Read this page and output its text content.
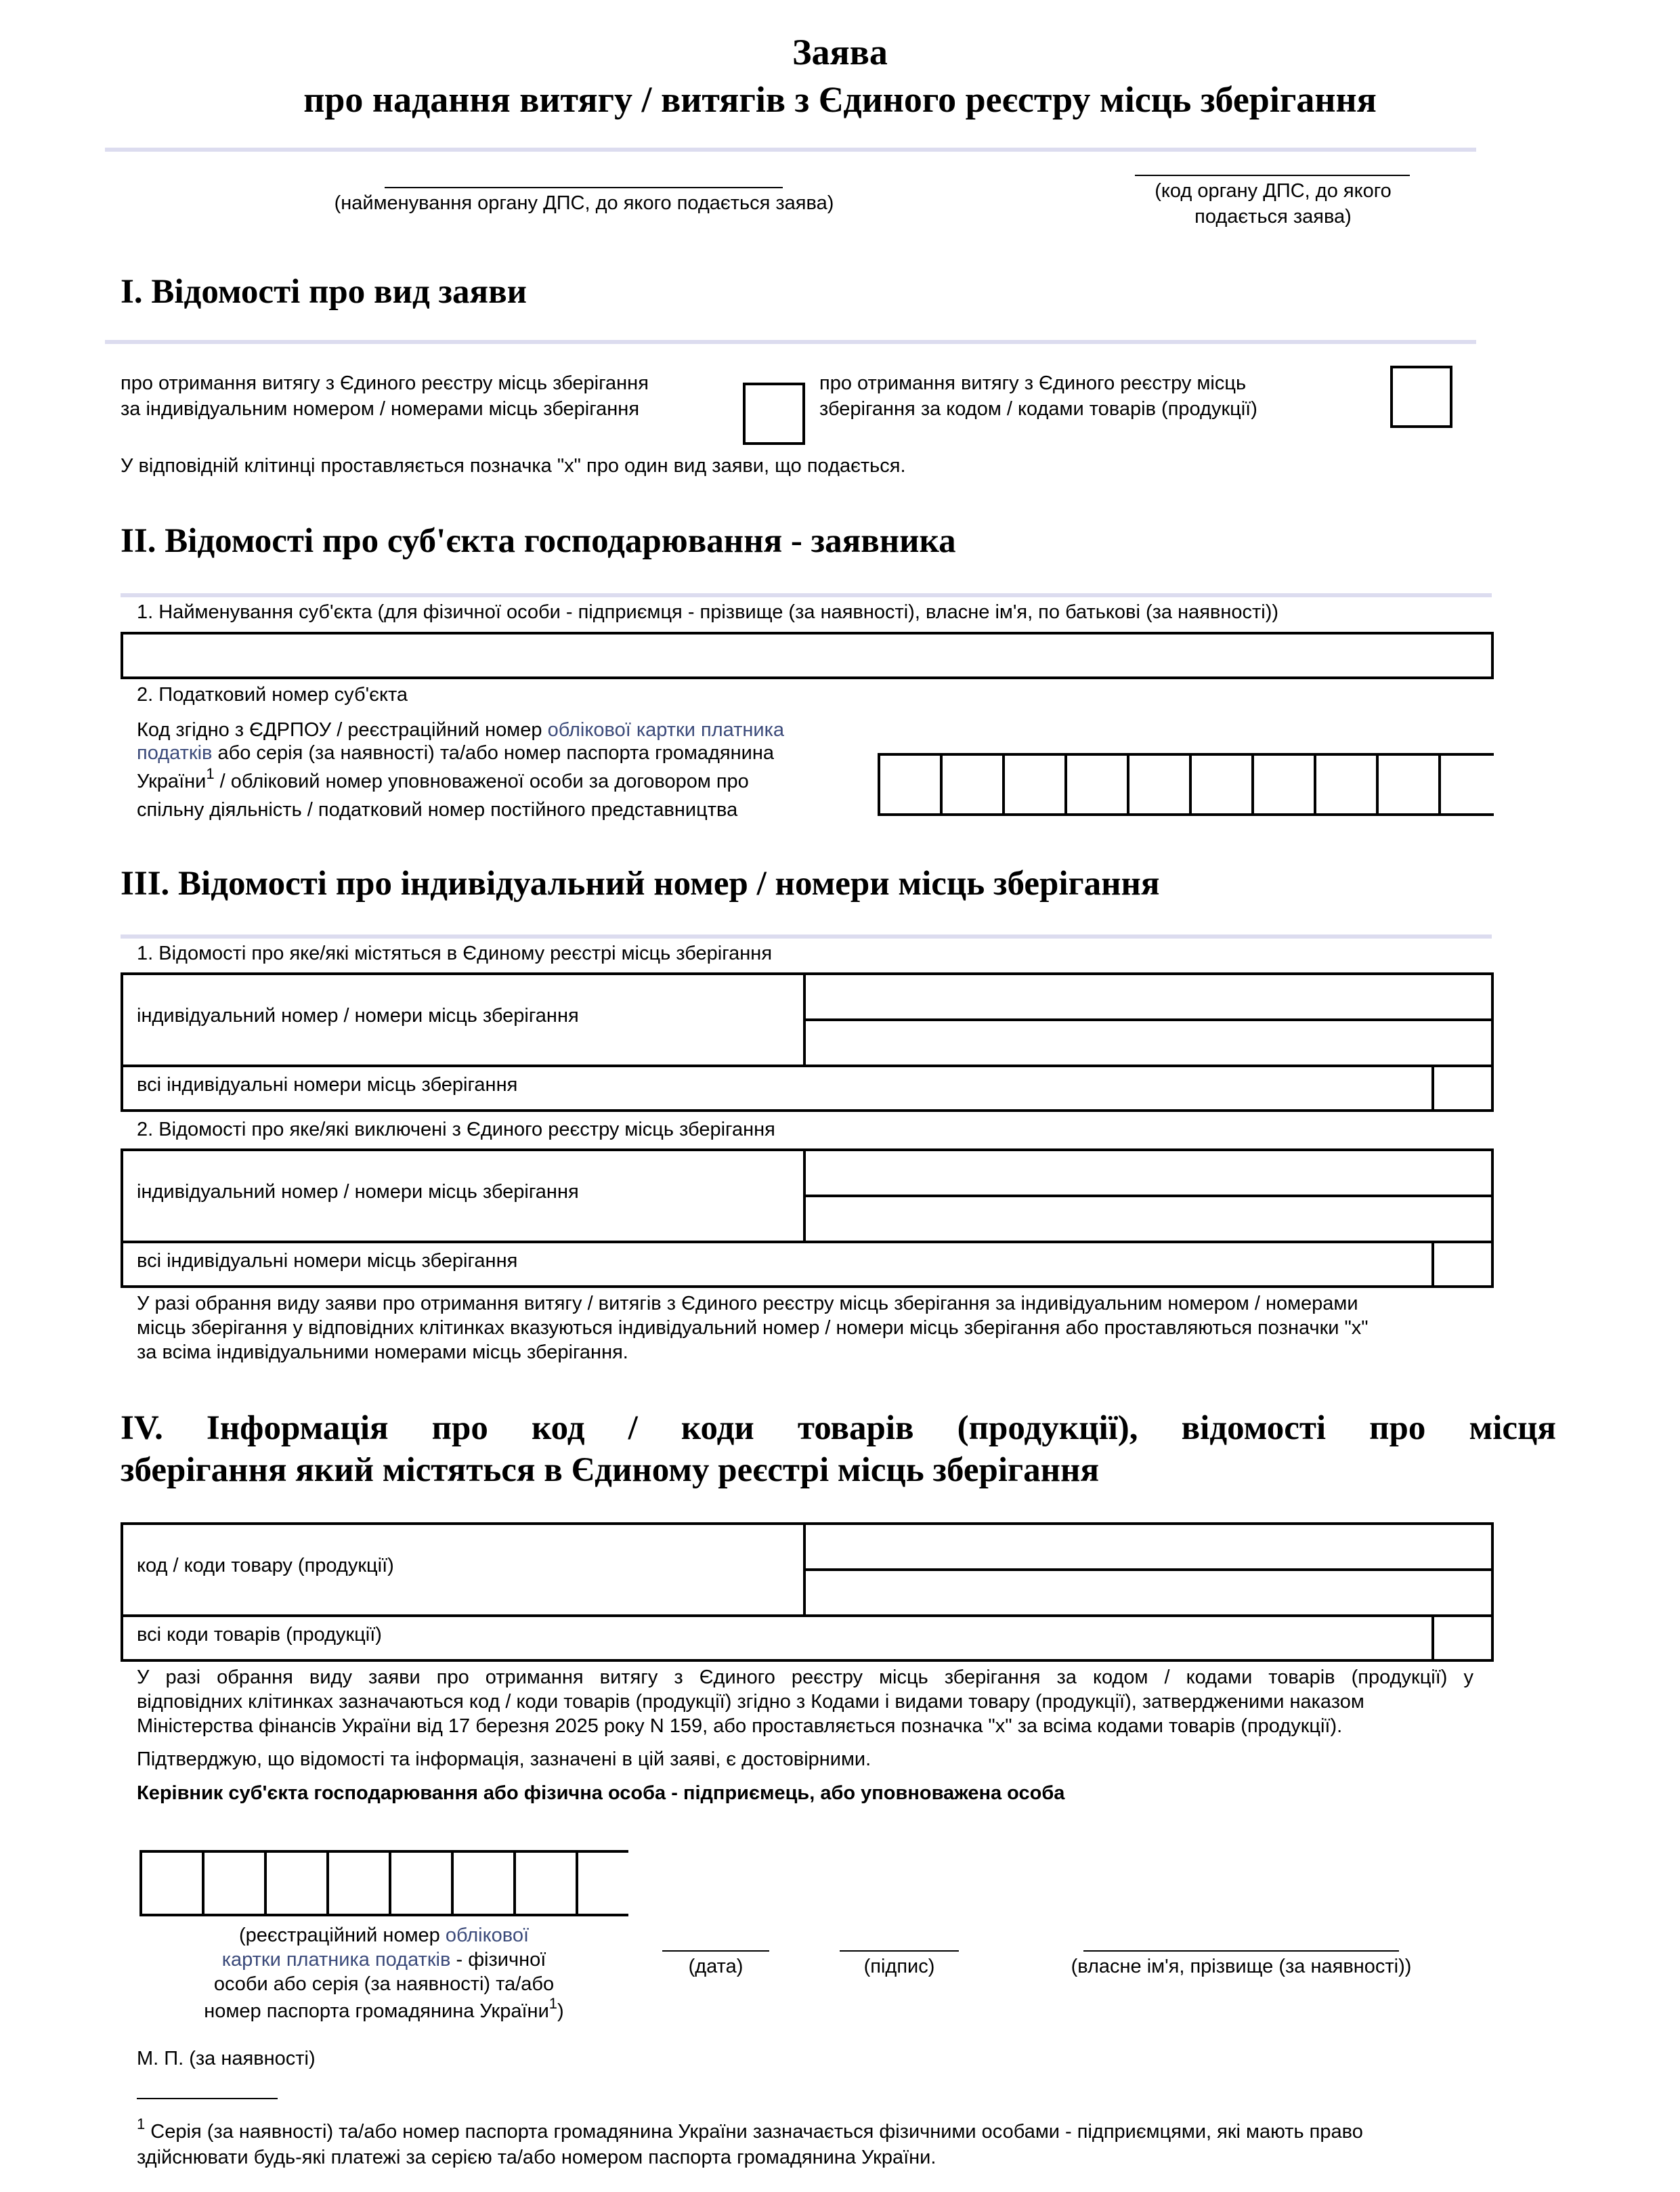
Заява
про надання витягу / витягів з Єдиного реєстру місць зберігання
(найменування органу ДПС, до якого подається заява)
(код органу ДПС, до якого
подається заява)
I. Відомості про вид заяви
про отримання витягу з Єдиного реєстру місць зберігання
за індивідуальним номером / номерами місць зберігання
про отримання витягу з Єдиного реєстру місць
зберігання за кодом / кодами товарів (продукції)
У відповідній клітинці проставляється позначка "х" про один вид заяви, що подається.
II. Відомості про суб'єкта господарювання - заявника
1. Найменування суб'єкта (для фізичної особи - підприємця - прізвище (за наявності), власне ім'я, по батькові (за наявності))
2. Податковий номер суб'єкта
Код згідно з ЄДРПОУ / реєстраційний номер облікової картки платника
податків або серія (за наявності) та/або номер паспорта громадянина
України$^1$ / обліковий номер уповноваженої особи за договором про
спільну діяльність / податковий номер постійного представництва
III. Відомості про індивідуальний номер / номери місць зберігання
1. Відомості про яке/які містяться в Єдиному реєстрі місць зберігання
індивідуальний номер / номери місць зберігання
всі індивідуальні номери місць зберігання
2. Відомості про яке/які виключені з Єдиного реєстру місць зберігання
індивідуальний номер / номери місць зберігання
всі індивідуальні номери місць зберігання
У разі обрання виду заяви про отримання витягу / витягів з Єдиного реєстру місць зберігання за індивідуальним номером / номерами
місць зберігання у відповідних клітинках вказуються індивідуальний номер / номери місць зберігання або проставляються позначки "х"
за всіма індивідуальними номерами місць зберігання.
IV. Інформація про код / коди товарів (продукції), відомості про місця
зберігання який містяться в Єдиному реєстрі місць зберігання
код / коди товару (продукції)
всі коди товарів (продукції)
У разі обрання виду заяви про отримання витягу з Єдиного реєстру місць зберігання за кодом / кодами товарів (продукції) у
відповідних клітинках зазначаються код / коди товарів (продукції) згідно з Кодами і видами товару (продукції), затвердженими наказом
Міністерства фінансів України від 17 березня 2025 року N 159, або проставляється позначка "х" за всіма кодами товарів (продукції).
Підтверджую, що відомості та інформація, зазначені в цій заяві, є достовірними.
Керівник суб'єкта господарювання або фізична особа - підприємець, або уповноважена особа
(реєстраційний номер облікової
картки платника податків - фізичної
особи або серія (за наявності) та/або
номер паспорта громадянина України$^1$)
(дата)	(підпис)	(власне ім'я, прізвище (за наявності))
М. П. (за наявності)
$^1$ Серія (за наявності) та/або номер паспорта громадянина України зазначається фізичними особами - підприємцями, які мають право
здійснювати будь-які платежі за серією та/або номером паспорта громадянина України.
